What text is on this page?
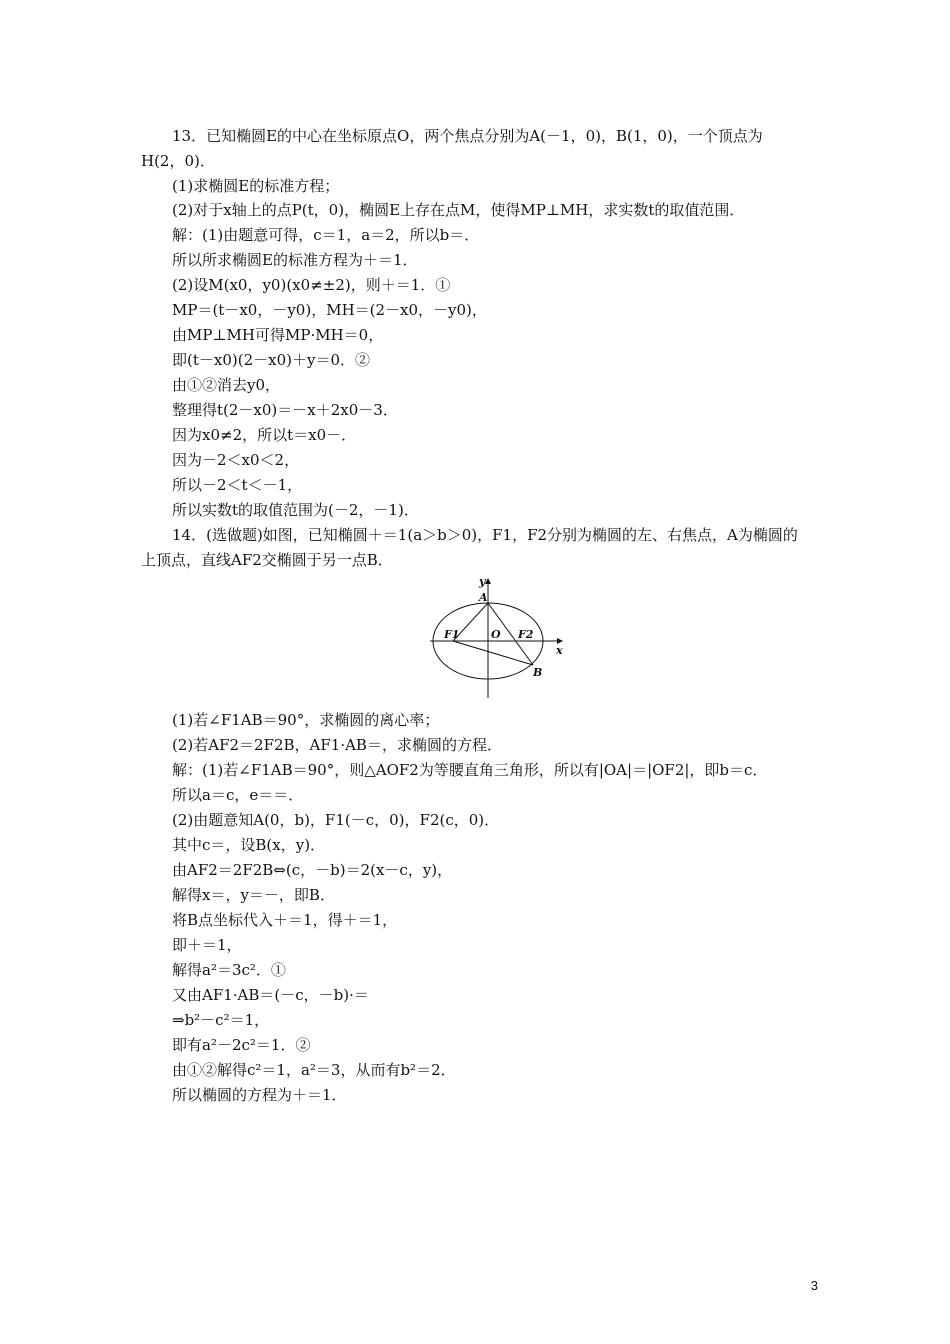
13．已知椭圆E的中心在坐标原点O，两个焦点分别为A(－1，0)，B(1，0)，一个顶点为
H(2，0)．
(1)求椭圆E的标准方程；
(2)对于x轴上的点P(t，0)，椭圆E上存在点M，使得MP⊥MH，求实数t的取值范围．
解：(1)由题意可得，c＝1，a＝2，所以b＝．
所以所求椭圆E的标准方程为＋＝1．
(2)设M(x0，y0)(x0≠±2)，则＋＝1．①
MP＝(t－x0，－y0)，MH＝(2－x0，－y0)，
由MP⊥MH可得MP·MH＝0，
即(t－x0)(2－x0)＋y＝0．②
由①②消去y0，
整理得t(2－x0)＝－x＋2x0－3．
因为x0≠2，所以t＝x0－．
因为－2＜x0＜2，
所以－2＜t＜－1，
所以实数t的取值范围为(－2，－1)．
14．(选做题)如图，已知椭圆＋＝1(a＞b＞0)，F1，F2分别为椭圆的左、右焦点，A为椭圆的
上顶点，直线AF2交椭圆于另一点B．
y
x
A
O
F1	F2
B
(1)若∠F1AB＝90°，求椭圆的离心率；
(2)若AF2＝2F2B，AF1·AB＝，求椭圆的方程．
解：(1)若∠F1AB＝90°，则△AOF2为等腰直角三角形，所以有|OA|＝|OF2|，即b＝c．
所以a＝c，e＝＝．
(2)由题意知A(0，b)，F1(－c，0)，F2(c，0)．
其中c＝，设B(x，y)．
由AF2＝2F2B⇔(c，－b)＝2(x－c，y)，
解得x＝，y＝－，即B．
将B点坐标代入＋＝1，得＋＝1，
即＋＝1，
解得a²＝3c²．①
又由AF1·AB＝(－c，－b)·＝
⇒b²－c²＝1，
即有a²－2c²＝1．②
由①②解得c²＝1，a²＝3，从而有b²＝2．
所以椭圆的方程为＋＝1．
3
